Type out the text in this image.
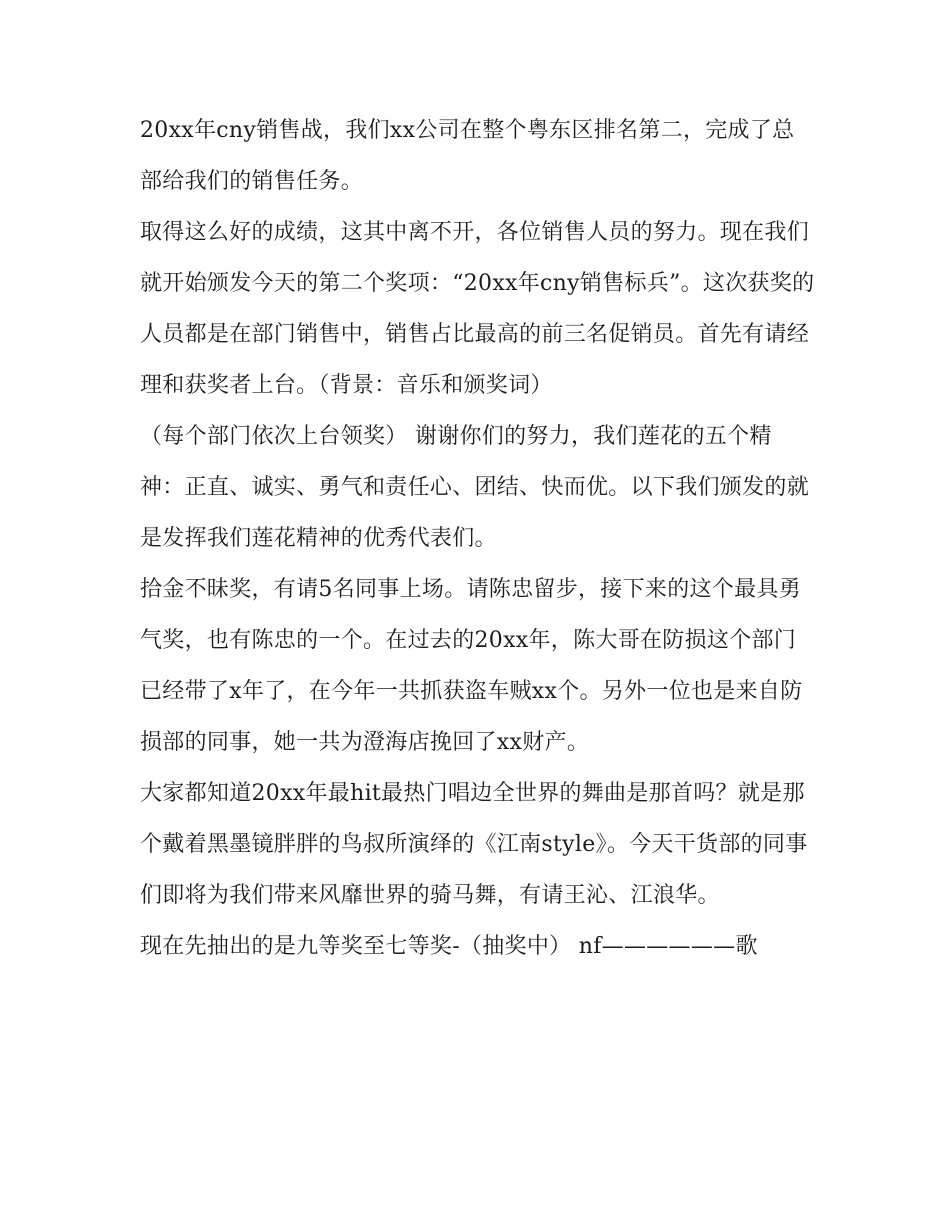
20xx年cny销售战，我们xx公司在整个粤东区排名第二，完成了总部给我们的销售任务。

取得这么好的成绩，这其中离不开，各位销售人员的努力。现在我们就开始颁发今天的第二个奖项：“20xx年cny销售标兵”。这次获奖的人员都是在部门销售中，销售占比最高的前三名促销员。首先有请经理和获奖者上台。（背景：音乐和颁奖词）

（每个部门依次上台领奖） 谢谢你们的努力，我们莲花的五个精神：正直、诚实、勇气和责任心、团结、快而优。以下我们颁发的就是发挥我们莲花精神的优秀代表们。

拾金不昧奖，有请5名同事上场。请陈忠留步，接下来的这个最具勇气奖，也有陈忠的一个。在过去的20xx年，陈大哥在防损这个部门已经带了x年了，在今年一共抓获盗车贼xx个。另外一位也是来自防损部的同事，她一共为澄海店挽回了xx财产。

大家都知道20xx年最hit最热门唱边全世界的舞曲是那首吗？就是那个戴着黑墨镜胖胖的鸟叔所演绎的《江南style》。今天干货部的同事们即将为我们带来风靡世界的骑马舞，有请王沁、江浪华。

现在先抽出的是九等奖至七等奖-（抽奖中） nf——————歌
